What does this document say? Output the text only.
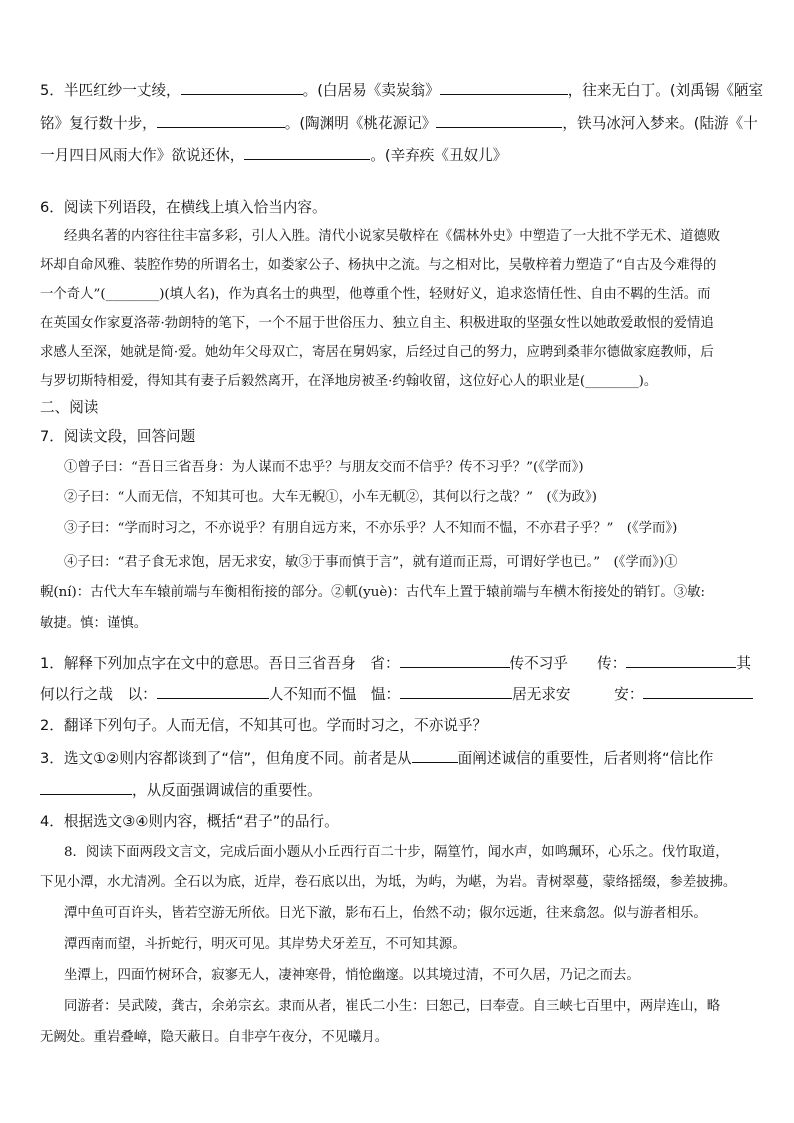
5．半匹红纱一丈绫，	。(白居易《卖炭翁》	，往来无白丁。(刘禹锡《陋室
铭》复行数十步，	。(陶渊明《桃花源记》	，铁马冰河入梦来。(陆游《十
一月四日风雨大作》欲说还休，	。(辛弃疾《丑奴儿》
6．阅读下列语段，在横线上填入恰当内容。
经典名著的内容往往丰富多彩，引人入胜。清代小说家吴敬梓在《儒林外史》中塑造了一大批不学无术、道德败
坏却自命风雅、装腔作势的所谓名士，如娄家公子、杨执中之流。与之相对比，吴敬梓着力塑造了“自古及今难得的
一个奇人”(________)(填人名)，作为真名士的典型，他尊重个性，轻财好义，追求恣情任性、自由不羁的生活。而
在英国女作家夏洛蒂·勃朗特的笔下，一个不屈于世俗压力、独立自主、积极进取的坚强女性以她敢爱敢恨的爱情追
求感人至深，她就是简·爱。她幼年父母双亡，寄居在舅妈家，后经过自己的努力，应聘到桑菲尔德做家庭教师，后
与罗切斯特相爱，得知其有妻子后毅然离开，在泽地房被圣·约翰收留，这位好心人的职业是(________)。
二、阅读
7．阅读文段，回答问题
①曾子曰：“吾日三省吾身：为人谋而不忠乎？与朋友交而不信乎？传不习乎？”(《学而》)
②子曰：“人而无信，不知其可也。大车无輗①，小车无軏②，其何以行之哉？”　(《为政》)
③子曰：“学而时习之，不亦说乎？有朋自远方来，不亦乐乎？人不知而不愠，不亦君子乎？”　(《学而》)
④子曰：“君子食无求饱，居无求安，敏③于事而慎于言”，就有道而正焉，可谓好学也已。”　(《学而》)①
輗(ní)：古代大车车辕前端与车衡相衔接的部分。②軏(yuè)：古代车上置于辕前端与车横木衔接处的销钉。③敏:
敏捷。慎：谨慎。
1．解释下列加点字在文中的意思。吾日三省吾身　省：	传不习乎　　传：	其
何以行之哉　以：	人不知而不愠　愠：	居无求安　　　安：
2．翻译下列句子。人而无信，不知其可也。学而时习之，不亦说乎？
3．选文①②则内容都谈到了“信”，但角度不同。前者是从	面阐述诚信的重要性，后者则将“信比作
，从反面强调诚信的重要性。
4．根据选文③④则内容，概括“君子”的品行。
8．阅读下面两段文言文，完成后面小题从小丘西行百二十步，隔篁竹，闻水声，如鸣珮环，心乐之。伐竹取道，
下见小潭，水尤清冽。全石以为底，近岸，卷石底以出，为坻，为屿，为嵁，为岩。青树翠蔓，蒙络摇缀，参差披拂。
潭中鱼可百许头，皆若空游无所依。日光下澈，影布石上，佁然不动；俶尔远逝，往来翕忽。似与游者相乐。
潭西南而望，斗折蛇行，明灭可见。其岸势犬牙差互，不可知其源。
坐潭上，四面竹树环合，寂寥无人，凄神寒骨，悄怆幽邃。以其境过清，不可久居，乃记之而去。
同游者：吴武陵，龚古，余弟宗玄。隶而从者，崔氏二小生：曰恕己，曰奉壹。自三峡七百里中，两岸连山，略
无阙处。重岩叠嶂，隐天蔽日。自非亭午夜分，不见曦月。
